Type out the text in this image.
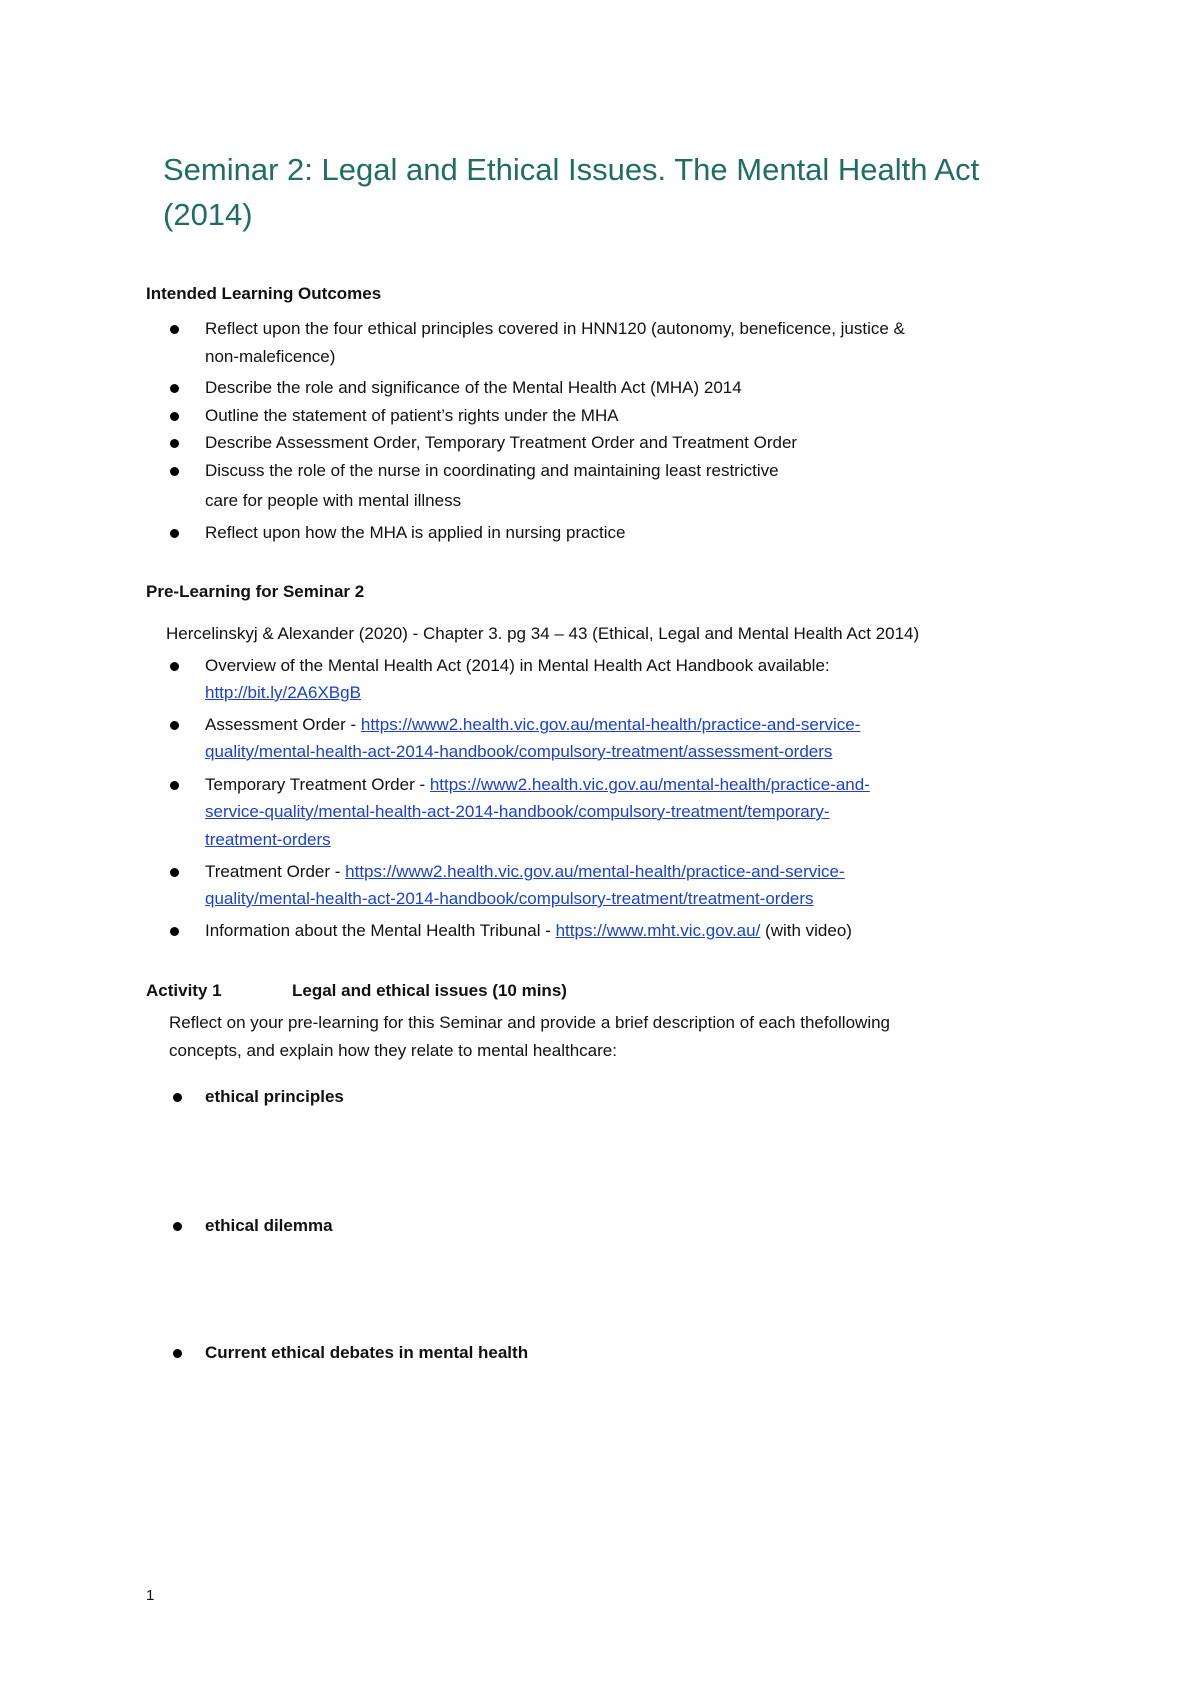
Seminar 2: Legal and Ethical Issues. The Mental Health Act (2014)
Intended Learning Outcomes
Reflect upon the four ethical principles covered in HNN120 (autonomy, beneficence, justice &
non-maleficence)
Describe the role and significance of the Mental Health Act (MHA) 2014
Outline the statement of patient’s rights under the MHA
Describe Assessment Order, Temporary Treatment Order and Treatment Order
Discuss the role of the nurse in coordinating and maintaining least restrictive
care for people with mental illness
Reflect upon how the MHA is applied in nursing practice
Pre-Learning for Seminar 2
Hercelinskyj & Alexander (2020) - Chapter 3. pg 34 – 43 (Ethical, Legal and Mental Health Act 2014)
Overview of the Mental Health Act (2014) in Mental Health Act Handbook available:
http://bit.ly/2A6XBgB
Assessment Order - https://www2.health.vic.gov.au/mental-health/practice-and-service-
quality/mental-health-act-2014-handbook/compulsory-treatment/assessment-orders
Temporary Treatment Order - https://www2.health.vic.gov.au/mental-health/practice-and-
service-quality/mental-health-act-2014-handbook/compulsory-treatment/temporary-
treatment-orders
Treatment Order - https://www2.health.vic.gov.au/mental-health/practice-and-service-
quality/mental-health-act-2014-handbook/compulsory-treatment/treatment-orders
Information about the Mental Health Tribunal - https://www.mht.vic.gov.au/ (with video)
Activity 1	Legal and ethical issues (10 mins)
Reflect on your pre-learning for this Seminar and provide a brief description of each thefollowing
concepts, and explain how they relate to mental healthcare:
ethical principles
ethical dilemma
Current ethical debates in mental health
1
